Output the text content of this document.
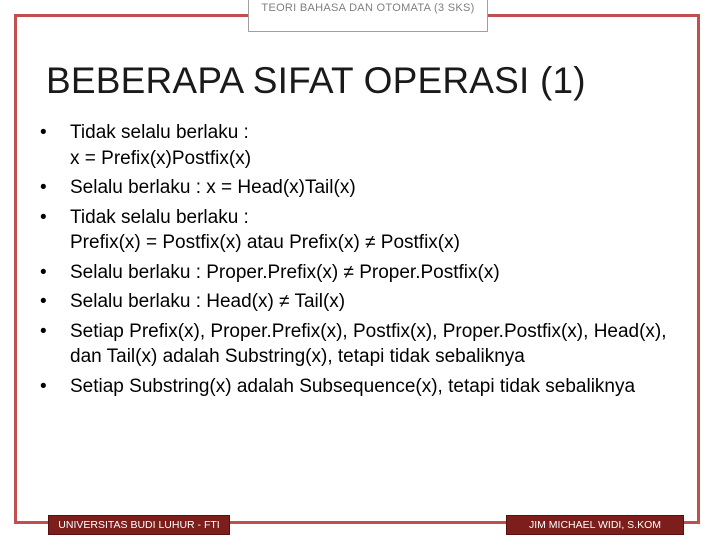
TEORI BAHASA DAN OTOMATA (3 SKS)
BEBERAPA SIFAT OPERASI (1)
• Tidak selalu berlaku :
x = Prefix(x)Postfix(x)
• Selalu berlaku : x = Head(x)Tail(x)
• Tidak selalu berlaku :
Prefix(x) = Postfix(x) atau Prefix(x) ≠ Postfix(x)
• Selalu berlaku : Proper.Prefix(x) ≠ Proper.Postfix(x)
• Selalu berlaku : Head(x) ≠ Tail(x)
• Setiap Prefix(x), Proper.Prefix(x), Postfix(x), Proper.Postfix(x), Head(x), dan Tail(x) adalah Substring(x), tetapi tidak sebaliknya
• Setiap Substring(x) adalah Subsequence(x), tetapi tidak sebaliknya
UNIVERSITAS BUDI LUHUR - FTI	JIM MICHAEL WIDI, S.KOM
